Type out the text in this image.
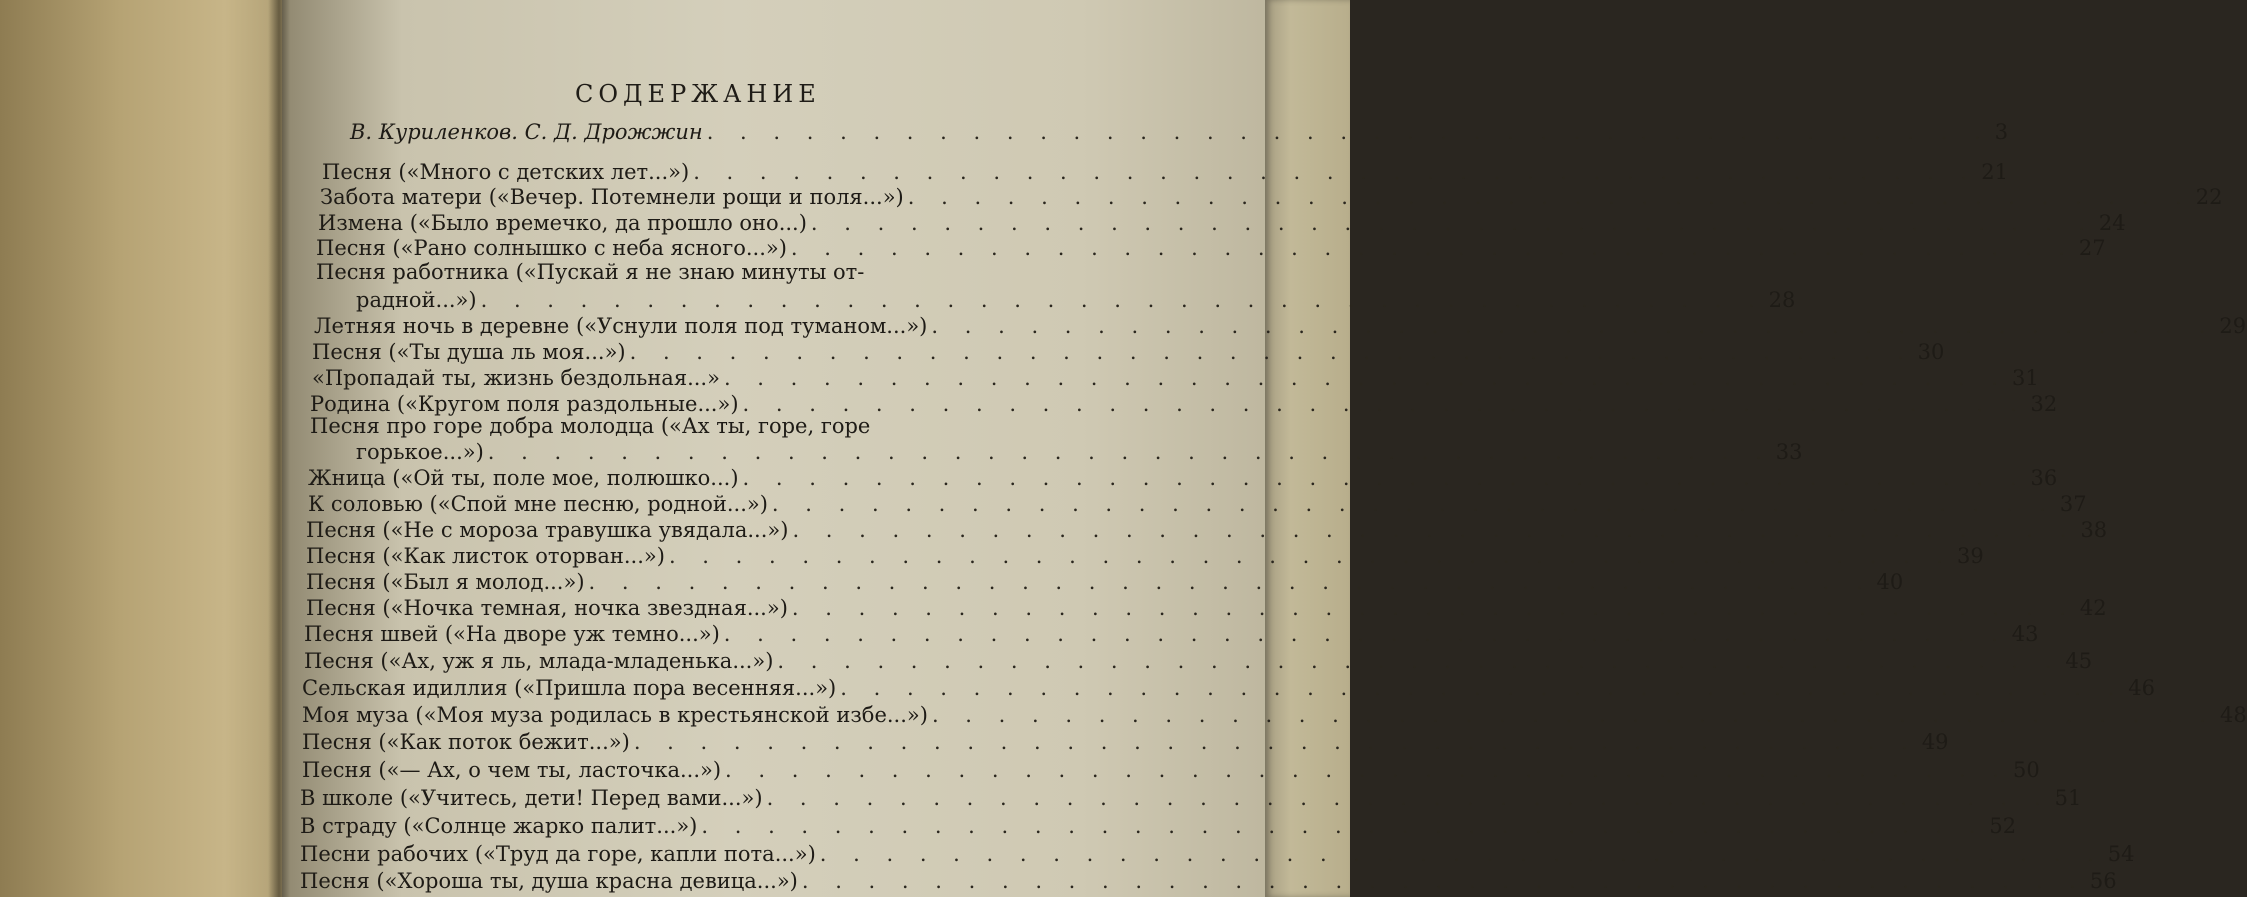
СОДЕРЖАНИЕ
В. Куриленков. С. Д. Дрожжин . . . . . . . . . . . . . . . . . . . . . . . . . . . . . . . . . . . . . . . 3
Песня («Много с детских лет...») . . . . . . . . . . . . . . . . . . . . . . . . . . . . . . . . . . . . . . . 21
Забота матери («Вечер. Потемнели рощи и поля...») . . . . . . . . . . . . . . . . . . . . . . . . . . . . . . . . . . . . . . . 22
Измена («Было времечко, да прошло оно...) . . . . . . . . . . . . . . . . . . . . . . . . . . . . . . . . . . . . . . . 24
Песня («Рано солнышко с неба ясного...») . . . . . . . . . . . . . . . . . . . . . . . . . . . . . . . . . . . . . . . 27
Песня работника («Пускай я не знаю минуты от-
радной...») . . . . . . . . . . . . . . . . . . . . . . . . . . . . . . . . . . . . . . . 28
Летняя ночь в деревне («Уснули поля под туманом...») . . . . . . . . . . . . . . . . . . . . . . . . . . . . . . . . . . . . . . . 29
Песня («Ты душа ль моя...») . . . . . . . . . . . . . . . . . . . . . . . . . . . . . . . . . . . . . . . 30
«Пропадай ты, жизнь бездольная...» . . . . . . . . . . . . . . . . . . . . . . . . . . . . . . . . . . . . . . . 31
Родина («Кругом поля раздольные...») . . . . . . . . . . . . . . . . . . . . . . . . . . . . . . . . . . . . . . . 32
Песня про горе добра молодца («Ах ты, горе, горе
горькое...») . . . . . . . . . . . . . . . . . . . . . . . . . . . . . . . . . . . . . . . 33
Жница («Ой ты, поле мое, полюшко...) . . . . . . . . . . . . . . . . . . . . . . . . . . . . . . . . . . . . . . . 36
К соловью («Спой мне песню, родной...») . . . . . . . . . . . . . . . . . . . . . . . . . . . . . . . . . . . . . . . 37
Песня («Не с мороза травушка увядала...») . . . . . . . . . . . . . . . . . . . . . . . . . . . . . . . . . . . . . . . 38
Песня («Как листок оторван...») . . . . . . . . . . . . . . . . . . . . . . . . . . . . . . . . . . . . . . . 39
Песня («Был я молод...») . . . . . . . . . . . . . . . . . . . . . . . . . . . . . . . . . . . . . . . 40
Песня («Ночка темная, ночка звездная...») . . . . . . . . . . . . . . . . . . . . . . . . . . . . . . . . . . . . . . . 42
Песня швей («На дворе уж темно...») . . . . . . . . . . . . . . . . . . . . . . . . . . . . . . . . . . . . . . . 43
Песня («Ах, уж я ль, млада-младенька...») . . . . . . . . . . . . . . . . . . . . . . . . . . . . . . . . . . . . . . . 45
Сельская идиллия («Пришла пора весенняя...») . . . . . . . . . . . . . . . . . . . . . . . . . . . . . . . . . . . . . . . 46
Моя муза («Моя муза родилась в крестьянской избе...») . . . . . . . . . . . . . . . . . . . . . . . . . . . . . . . . . . . . . . . 48
Песня («Как поток бежит...») . . . . . . . . . . . . . . . . . . . . . . . . . . . . . . . . . . . . . . . 49
Песня («— Ах, о чем ты, ласточка...») . . . . . . . . . . . . . . . . . . . . . . . . . . . . . . . . . . . . . . . 50
В школе («Учитесь, дети! Перед вами...») . . . . . . . . . . . . . . . . . . . . . . . . . . . . . . . . . . . . . . . 51
В страду («Солнце жарко палит...») . . . . . . . . . . . . . . . . . . . . . . . . . . . . . . . . . . . . . . . 52
Песни рабочих («Труд да горе, капли пота...») . . . . . . . . . . . . . . . . . . . . . . . . . . . . . . . . . . . . . . . 54
Песня («Хороша ты, душа красна девица...») . . . . . . . . . . . . . . . . . . . . . . . . . . . . . . . . . . . . . . . 56
